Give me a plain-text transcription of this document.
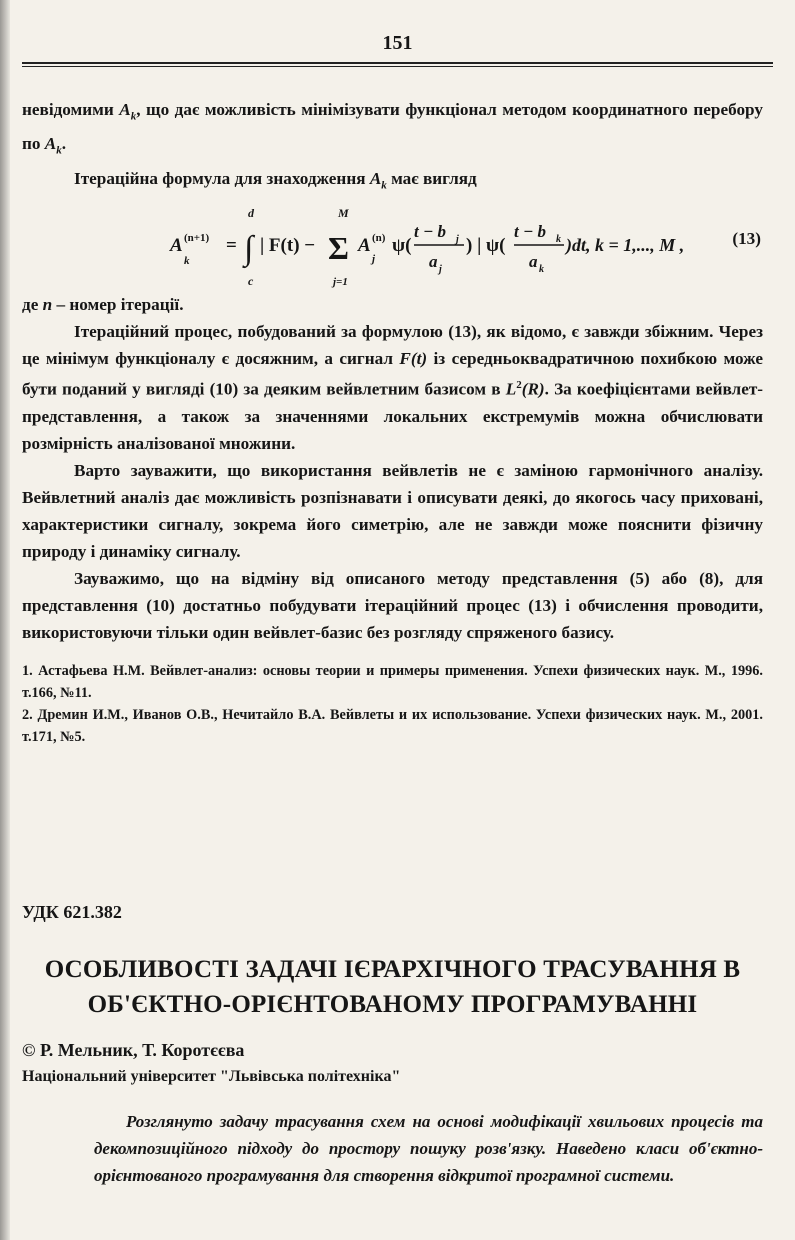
151

невідомими $A_k$, що дає можливість мінімізувати функціонал методом координатного перебору по $A_k$.

Ітераційна формула для знаходження $A_k$ має вигляд

A (n+1)
k
=
d
∫
c
| F(t) −
M
Σ
j=1
A (n)
j
ψ(
t − b j
a j
) | ψ(
t − b k
a k
)dt, k = 1,..., M ,	(13)

де n – номер ітерації.

Ітераційний процес, побудований за формулою (13), як відомо, є завжди збіжним. Через це мінімум функціоналу є досяжним, а сигнал F(t) із середньоквадратичною похибкою може бути поданий у вигляді (10) за деяким вейвлетним базисом в $L^2(R)$. За коефіцієнтами вейвлет-представлення, а також за значеннями локальних екстремумів можна обчислювати розмірність аналізованої множини.

Варто зауважити, що використання вейвлетів не є заміною гармонічного аналізу. Вейвлетний аналіз дає можливість розпізнавати і описувати деякі, до якогось часу приховані, характеристики сигналу, зокрема його симетрію, але не завжди може пояснити фізичну природу і динаміку сигналу.

Зауважимо, що на відміну від описаного методу представлення (5) або (8), для представлення (10) достатньо побудувати ітераційний процес (13) і обчислення проводити, використовуючи тільки один вейвлет-базис без розгляду спряженого базису.

1. Астафьева Н.М. Вейвлет-анализ: основы теории и примеры применения. Успехи физических наук. М., 1996. т.166, №11.

2. Дремин И.М., Иванов О.В., Нечитайло В.А. Вейвлеты и их использование. Успехи физических наук. М., 2001. т.171, №5.

УДК 621.382
ОСОБЛИВОСТІ ЗАДАЧІ ІЄРАРХІЧНОГО ТРАСУВАННЯ В
ОБ'ЄКТНО-ОРІЄНТОВАНОМУ ПРОГРАМУВАННІ
© Р. Мельник, Т. Коротєєва
Національний університет "Львівська політехніка"
Розглянуто задачу трасування схем на основі модифікації хвильових процесів та декомпозиційного підходу до простору пошуку розв'язку. Наведено класи об'єктно-орієнтованого програмування для створення відкритої програмної системи.
